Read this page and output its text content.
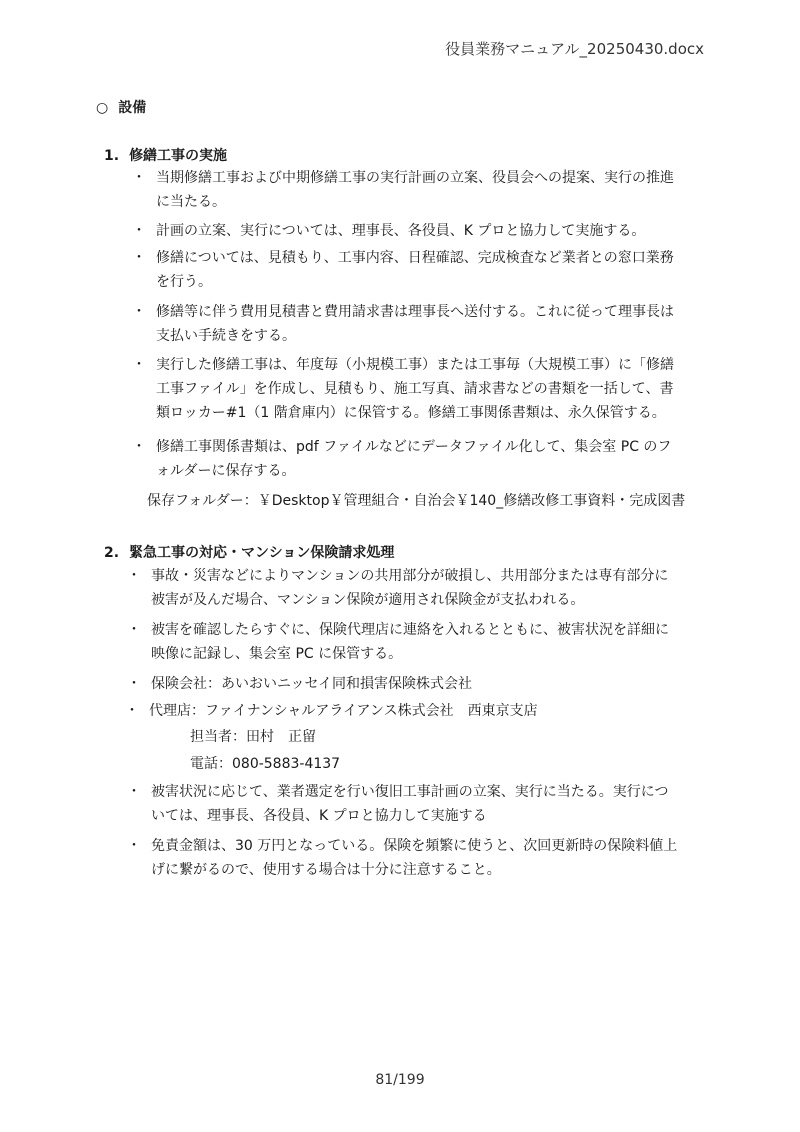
役員業務マニュアル_20250430.docx
○ 設備
1. 修繕工事の実施
・ 当期修繕工事および中期修繕工事の実行計画の立案、役員会への提案、実行の推進
に当たる。
・ 計画の立案、実行については、理事長、各役員、K プロと協力して実施する。
・ 修繕については、見積もり、工事内容、日程確認、完成検査など業者との窓口業務
を行う。
・ 修繕等に伴う費用見積書と費用請求書は理事長へ送付する。これに従って理事長は
支払い手続きをする。
・ 実行した修繕工事は、年度毎（小規模工事）または工事毎（大規模工事）に「修繕
工事ファイル」を作成し、見積もり、施工写真、請求書などの書類を一括して、書
類ロッカー#1（1 階倉庫内）に保管する。修繕工事関係書類は、永久保管する。
・ 修繕工事関係書類は、pdf ファイルなどにデータファイル化して、集会室 PC のフ
ォルダーに保存する。
保存フォルダー：￥Desktop￥管理組合・自治会￥140_修繕改修工事資料・完成図書
2. 緊急工事の対応・マンション保険請求処理
・ 事故・災害などによりマンションの共用部分が破損し、共用部分または専有部分に
被害が及んだ場合、マンション保険が適用され保険金が支払われる。
・ 被害を確認したらすぐに、保険代理店に連絡を入れるとともに、被害状況を詳細に
映像に記録し、集会室 PC に保管する。
・ 保険会社：あいおいニッセイ同和損害保険株式会社
・ 代理店：ファイナンシャルアライアンス株式会社　西東京支店
担当者：田村　正留
電話：080-5883-4137
・ 被害状況に応じて、業者選定を行い復旧工事計画の立案、実行に当たる。実行につ
いては、理事長、各役員、K プロと協力して実施する
・ 免責金額は、30 万円となっている。保険を頻繁に使うと、次回更新時の保険料値上
げに繋がるので、使用する場合は十分に注意すること。
81/199
